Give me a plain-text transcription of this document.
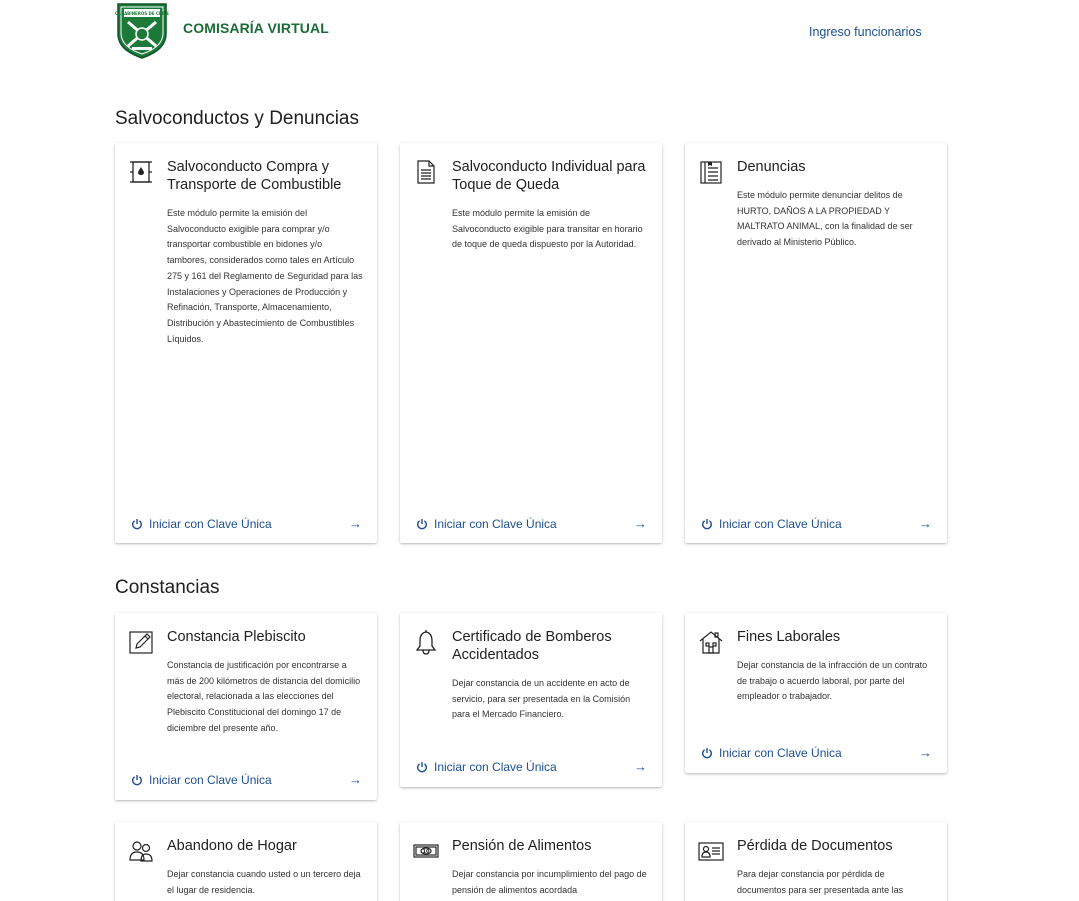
CARABINEROS DE CHILE
COMISARÍA VIRTUAL	Ingreso funcionarios
Salvoconductos y Denuncias
Salvoconducto Compra y Transporte de Combustible
Este módulo permite la emisión del Salvoconducto exigible para comprar y/o transportar combustible en bidones y/o tambores, considerados como tales en Artículo 275 y 161 del Reglamento de Seguridad para las Instalaciones y Operaciones de Producción y Refinación, Transporte, Almacenamiento, Distribución y Abastecimiento de Combustibles Líquidos.
Iniciar con Clave Única	→
Salvoconducto Individual para Toque de Queda
Este módulo permite la emisión de Salvoconducto exigible para transitar en horario de toque de queda dispuesto por la Autoridad.
Iniciar con Clave Única	→
Denuncias
Este módulo permite denunciar delitos de HURTO, DAÑOS A LA PROPIEDAD Y MALTRATO ANIMAL, con la finalidad de ser derivado al Ministerio Público.
Iniciar con Clave Única	→
Constancias
Constancia Plebiscito
Constancia de justificación por encontrarse a más de 200 kilómetros de distancia del domicilio electoral, relacionada a las elecciones del Plebiscito Constitucional del domingo 17 de diciembre del presente año.
Iniciar con Clave Única	→
Certificado de Bomberos Accidentados
Dejar constancia de un accidente en acto de servicio, para ser presentada en la Comisión para el Mercado Financiero.
Iniciar con Clave Única	→
Fines Laborales
Dejar constancia de la infracción de un contrato de trabajo o acuerdo laboral, por parte del empleador o trabajador.
Iniciar con Clave Única	→
Abandono de Hogar
Dejar constancia cuando usted o un tercero deja el lugar de residencia.
10 Pensión de Alimentos
Dejar constancia por incumplimiento del pago de pensión de alimentos acordada
Pérdida de Documentos
Para dejar constancia por pérdida de documentos para ser presentada ante las
